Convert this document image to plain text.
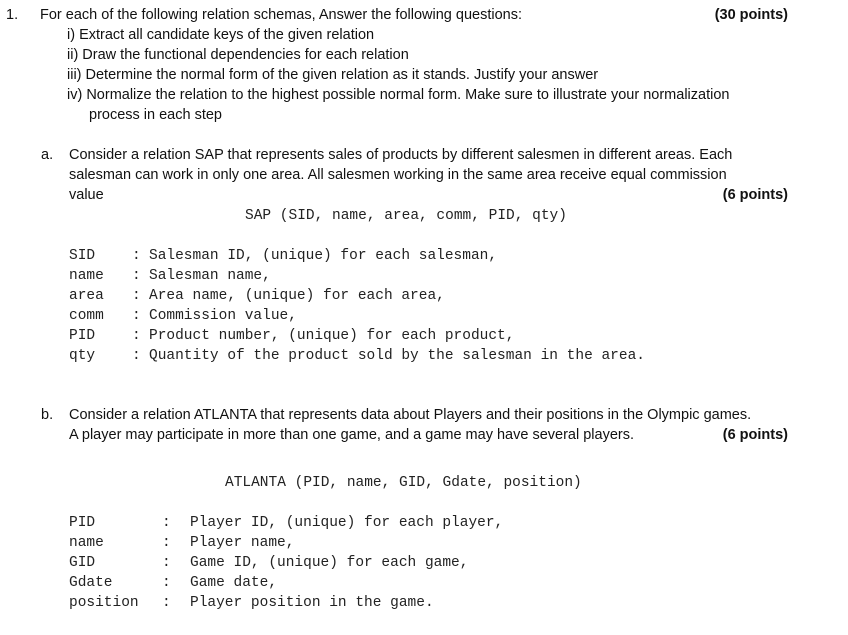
1. For each of the following relation schemas, Answer the following questions:	(30 points)
i) Extract all candidate keys of the given relation
ii) Draw the functional dependencies for each relation
iii) Determine the normal form of the given relation as it stands. Justify your answer
iv) Normalize the relation to the highest possible normal form. Make sure to illustrate your normalization
process in each step
a. Consider a relation SAP that represents sales of products by different salesmen in different areas. Each
salesman can work in only one area. All salesmen working in the same area receive equal commission
value	(6 points)
SAP (SID, name, area, comm, PID, qty)
SID	: Salesman ID, (unique) for each salesman,
name : Salesman name,
area : Area name, (unique) for each area,
comm : Commission value,
PID	: Product number, (unique) for each product,
qty	: Quantity of the product sold by the salesman in the area.
b. Consider a relation ATLANTA that represents data about Players and their positions in the Olympic games.
A player may participate in more than one game, and a game may have several players.	(6 points)
ATLANTA (PID, name, GID, Gdate, position)
PID	: Player ID, (unique) for each player,
name	: Player name,
GID	: Game ID, (unique) for each game,
Gdate	: Game date,
position : Player position in the game.
